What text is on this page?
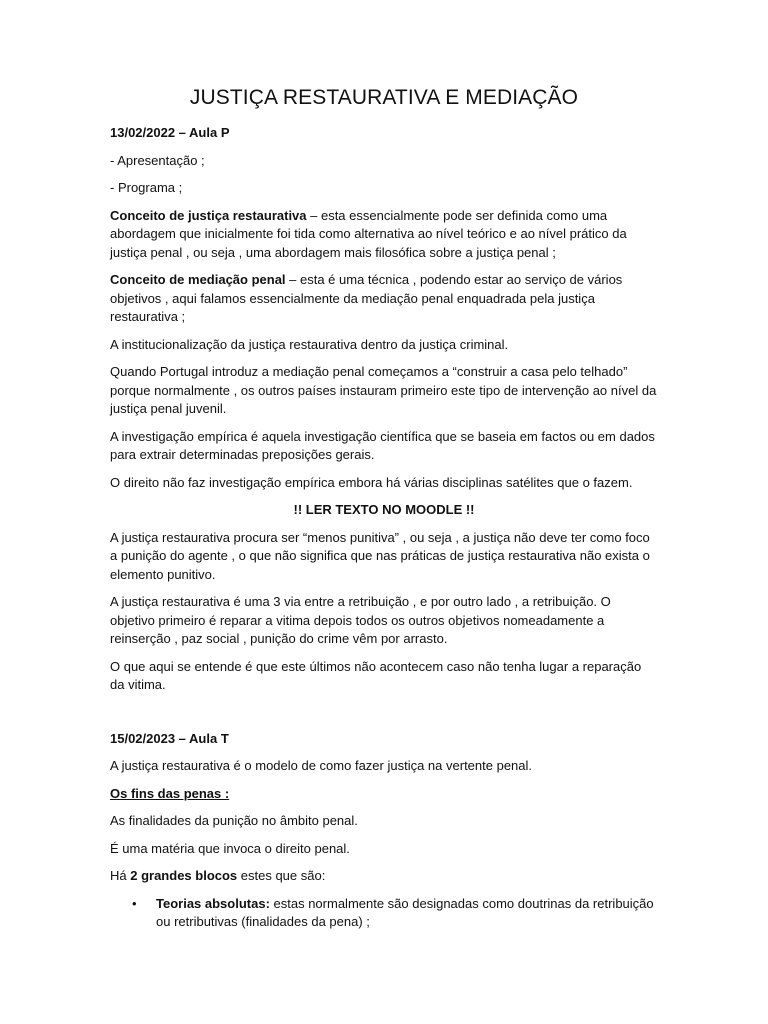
JUSTIÇA RESTAURATIVA E MEDIAÇÃO

13/02/2022 – Aula P

- Apresentação ;

- Programa ;

Conceito de justiça restaurativa – esta essencialmente pode ser definida como uma abordagem que inicialmente foi tida como alternativa ao nível teórico e ao nível prático da justiça penal , ou seja , uma abordagem mais filosófica sobre a justiça penal ;

Conceito de mediação penal – esta é uma técnica , podendo estar ao serviço de vários objetivos , aqui falamos essencialmente da mediação penal enquadrada pela justiça restaurativa ;

A institucionalização da justiça restaurativa dentro da justiça criminal.

Quando Portugal introduz a mediação penal começamos a “construir a casa pelo telhado” porque normalmente , os outros países instauram primeiro este tipo de intervenção ao nível da justiça penal juvenil.

A investigação empírica é aquela investigação científica que se baseia em factos ou em dados para extrair determinadas preposições gerais.

O direito não faz investigação empírica embora há várias disciplinas satélites que o fazem.

!! LER TEXTO NO MOODLE !!

A justiça restaurativa procura ser “menos punitiva” , ou seja , a justiça não deve ter como foco a punição do agente , o que não significa que nas práticas de justiça restaurativa não exista o elemento punitivo.

A justiça restaurativa é uma 3 via entre a retribuição , e por outro lado , a retribuição. O objetivo primeiro é reparar a vitima depois todos os outros objetivos nomeadamente a reinserção , paz social , punição do crime vêm por arrasto.

O que aqui se entende é que este últimos não acontecem caso não tenha lugar a reparação da vitima.

15/02/2023 – Aula T

A justiça restaurativa é o modelo de como fazer justiça na vertente penal.

Os fins das penas :

As finalidades da punição no âmbito penal.

É uma matéria que invoca o direito penal.

Há 2 grandes blocos estes que são:

• Teorias absolutas: estas normalmente são designadas como doutrinas da retribuição ou retributivas (finalidades da pena) ;
